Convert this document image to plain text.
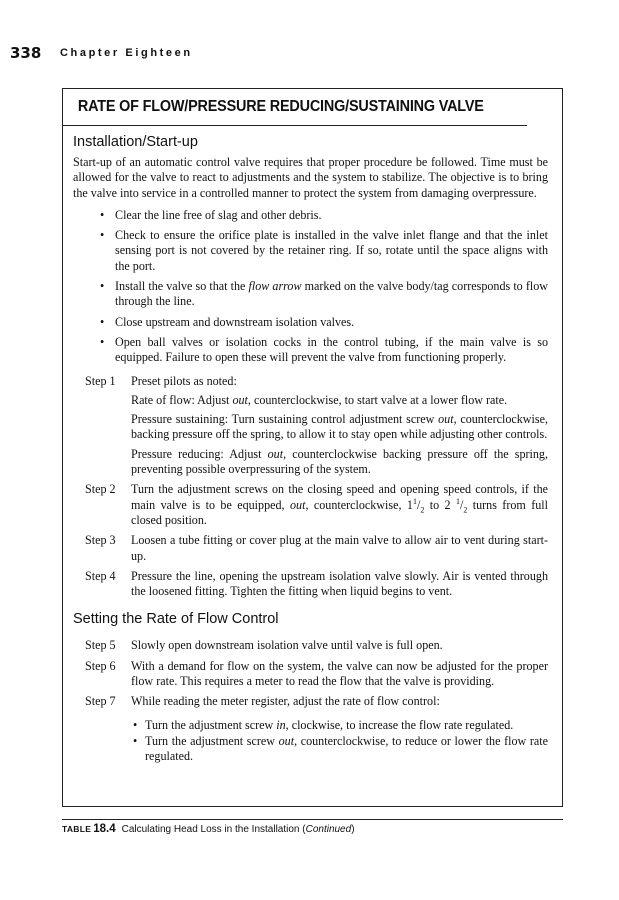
338 Chapter Eighteen
RATE OF FLOW/PRESSURE REDUCING/SUSTAINING VALVE
Installation/Start-up

Start-up of an automatic control valve requires that proper procedure be followed. Time must be allowed for the valve to react to adjustments and the system to stabilize. The objective is to bring the valve into service in a controlled manner to protect the system from damaging overpressure.

• Clear the line free of slag and other debris.
• Check to ensure the orifice plate is installed in the valve inlet flange and that the inlet sensing port is not covered by the retainer ring. If so, rotate until the space aligns with the port.
• Install the valve so that the flow arrow marked on the valve body/tag corresponds to flow through the line.
• Close upstream and downstream isolation valves.
• Open ball valves or isolation cocks in the control tubing, if the main valve is so equipped. Failure to open these will prevent the valve from functioning properly.
Step 1	Preset pilots as noted:

Rate of flow: Adjust out, counterclockwise, to start valve at a lower flow rate.

Pressure sustaining: Turn sustaining control adjustment screw out, counterclockwise, backing pressure off the spring, to allow it to stay open while adjusting other controls.

Pressure reducing: Adjust out, counterclockwise backing pressure off the spring, preventing possible overpressuring of the system.

Step 2	Turn the adjustment screws on the closing speed and opening speed controls, if the main valve is to be equipped, out, counterclockwise, $1^1/_2$ to 2 $^1/_2$ turns from full closed position.
Step 3	Loosen a tube fitting or cover plug at the main valve to allow air to vent during start-up.
Step 4	Pressure the line, opening the upstream isolation valve slowly. Air is vented through the loosened fitting. Tighten the fitting when liquid begins to vent.
Setting the Rate of Flow Control
Step 5	Slowly open downstream isolation valve until valve is full open.
Step 6	With a demand for flow on the system, the valve can now be adjusted for the proper flow rate. This requires a meter to read the flow that the valve is providing.
Step 7	While reading the meter register, adjust the rate of flow control:

• Turn the adjustment screw in, clockwise, to increase the flow rate regulated.
• Turn the adjustment screw out, counterclockwise, to reduce or lower the flow rate regulated.
TABLE 18.4 Calculating Head Loss in the Installation (Continued)
